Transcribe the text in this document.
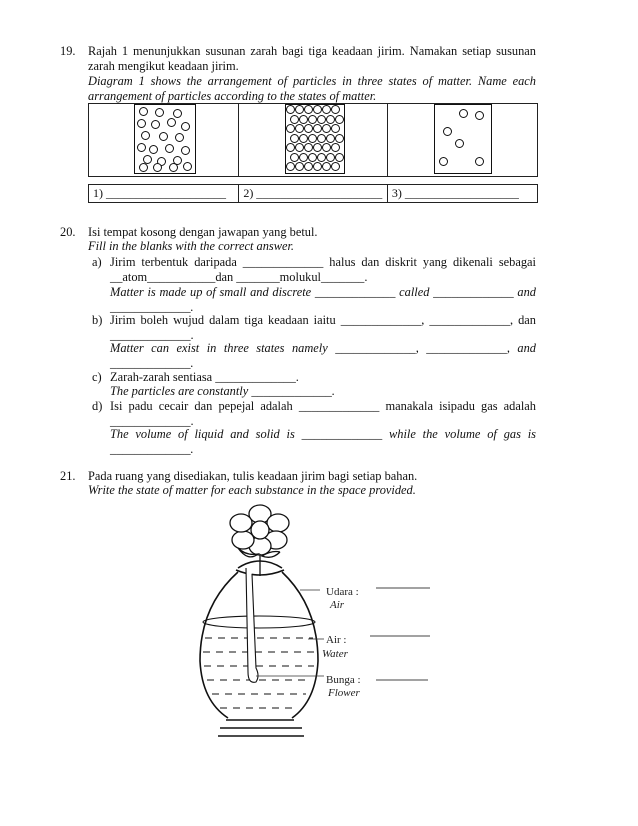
19. Rajah 1 menunjukkan susunan zarah bagi tiga keadaan jirim. Namakan setiap susunan zarah mengikut keadaan jirim.
Diagram 1 shows the arrangement of particles in three states of matter. Name each arrangement of particles according to the states of matter.

1) ____________________	2) _____________________	3) ___________________
20. Isi tempat kosong dengan jawapan yang betul.
Fill in the blanks with the correct answer.
a) Jirim terbentuk daripada _____________ halus dan diskrit yang dikenali sebagai __atom___________dan _______molukul_______.
Matter is made up of small and discrete _____________ called _____________ and _____________.
b) Jirim boleh wujud dalam tiga keadaan iaitu _____________, _____________, dan _____________.
Matter can exist in three states namely _____________, _____________, and _____________.
c) Zarah-zarah sentiasa _____________.
The particles are constantly _____________.
d) Isi padu cecair dan pepejal adalah _____________ manakala isipadu gas adalah _____________.
The volume of liquid and solid is _____________ while the volume of gas is _____________.
21. Pada ruang yang disediakan, tulis keadaan jirim bagi setiap bahan.
Write the state of matter for each substance in the space provided.
Udara :
Air
Air :
Water
Bunga :
Flower
